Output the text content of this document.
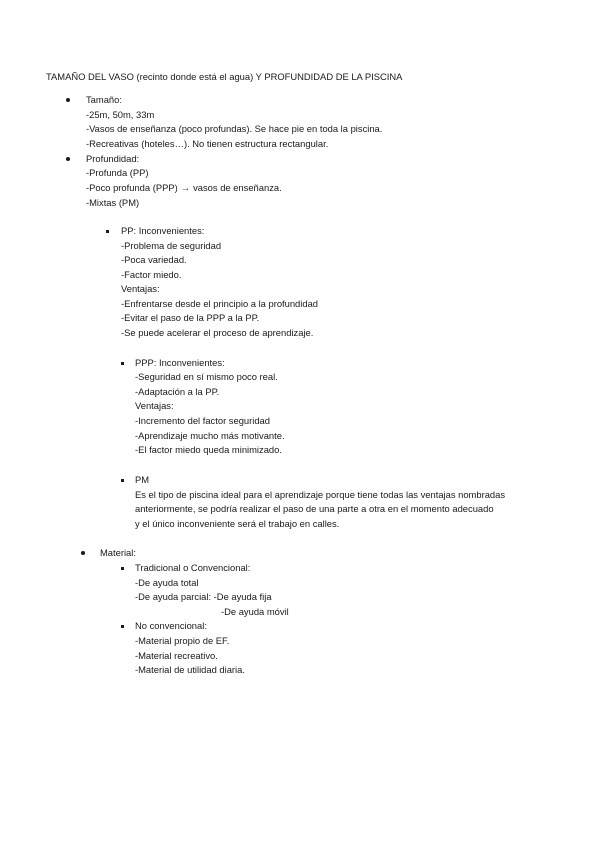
TAMAÑO DEL VASO (recinto donde está el agua) Y PROFUNDIDAD DE LA PISCINA
Tamaño:
-25m, 50m, 33m
-Vasos de enseñanza (poco profundas). Se hace pie en toda la piscina.
-Recreativas (hoteles…). No tienen estructura rectangular.
Profundidad:
-Profunda (PP)
-Poco profunda (PPP) → vasos de enseñanza.
-Mixtas (PM)
PP: Inconvenientes:
-Problema de seguridad
-Poca variedad.
-Factor miedo.
Ventajas:
-Enfrentarse desde el principio a la profundidad
-Evitar el paso de la PPP a la PP.
-Se puede acelerar el proceso de aprendizaje.
PPP: Inconvenientes:
-Seguridad en sí mismo poco real.
-Adaptación a la PP.
Ventajas:
-Incremento del factor seguridad
-Aprendizaje mucho más motivante.
-El factor miedo queda minimizado.
PM
Es el tipo de piscina ideal para el aprendizaje porque tiene todas las ventajas nombradas
anteriormente, se podría realizar el paso de una parte a otra en el momento adecuado
y el único inconveniente será el trabajo en calles.
Material:
Tradicional o Convencional:
-De ayuda total
-De ayuda parcial: -De ayuda fija
-De ayuda móvil
No convencional:
-Material propio de EF.
-Material recreativo.
-Material de utilidad diaria.
